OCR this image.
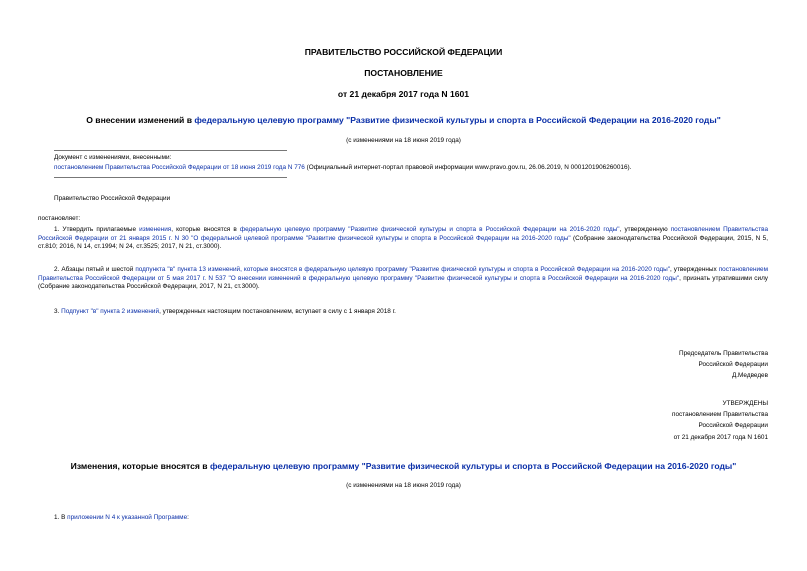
ПРАВИТЕЛЬСТВО РОССИЙСКОЙ ФЕДЕРАЦИИ
ПОСТАНОВЛЕНИЕ
от 21 декабря 2017 года N 1601
О внесении изменений в федеральную целевую программу "Развитие физической культуры и спорта в Российской Федерации на 2016-2020 годы"
(с изменениями на 18 июня 2019 года)
Документ с изменениями, внесенными:
постановлением Правительства Российской Федерации от 18 июня 2019 года N 776 (Официальный интернет-портал правовой информации www.pravo.gov.ru, 26.06.2019, N 0001201906260016).
Правительство Российской Федерации
постановляет:
1. Утвердить прилагаемые изменения, которые вносятся в федеральную целевую программу "Развитие физической культуры и спорта в Российской Федерации на 2016-2020 годы", утвержденную постановлением Правительства Российской Федерации от 21 января 2015 г. N 30 "О федеральной целевой программе "Развитие физической культуры и спорта в Российской Федерации на 2016-2020 годы" (Собрание законодательства Российской Федерации, 2015, N 5, ст.810; 2016, N 14, ст.1994; N 24, ст.3525; 2017, N 21, ст.3000).
2. Абзацы пятый и шестой подпункта "в" пункта 13 изменений, которые вносятся в федеральную целевую программу "Развитие физической культуры и спорта в Российской Федерации на 2016-2020 годы", утвержденных постановлением Правительства Российской Федерации от 5 мая 2017 г. N 537 "О внесении изменений в федеральную целевую программу "Развитие физической культуры и спорта в Российской Федерации на 2016-2020 годы", признать утратившими силу (Собрание законодательства Российской Федерации, 2017, N 21, ст.3000).
3. Подпункт "в" пункта 2 изменений, утвержденных настоящим постановлением, вступает в силу с 1 января 2018 г.
Председатель Правительства
Российской Федерации
Д.Медведев
УТВЕРЖДЕНЫ
постановлением Правительства
Российской Федерации
от 21 декабря 2017 года N 1601
Изменения, которые вносятся в федеральную целевую программу "Развитие физической культуры и спорта в Российской Федерации на 2016-2020 годы"
(с изменениями на 18 июня 2019 года)
1. В приложении N 4 к указанной Программе:
